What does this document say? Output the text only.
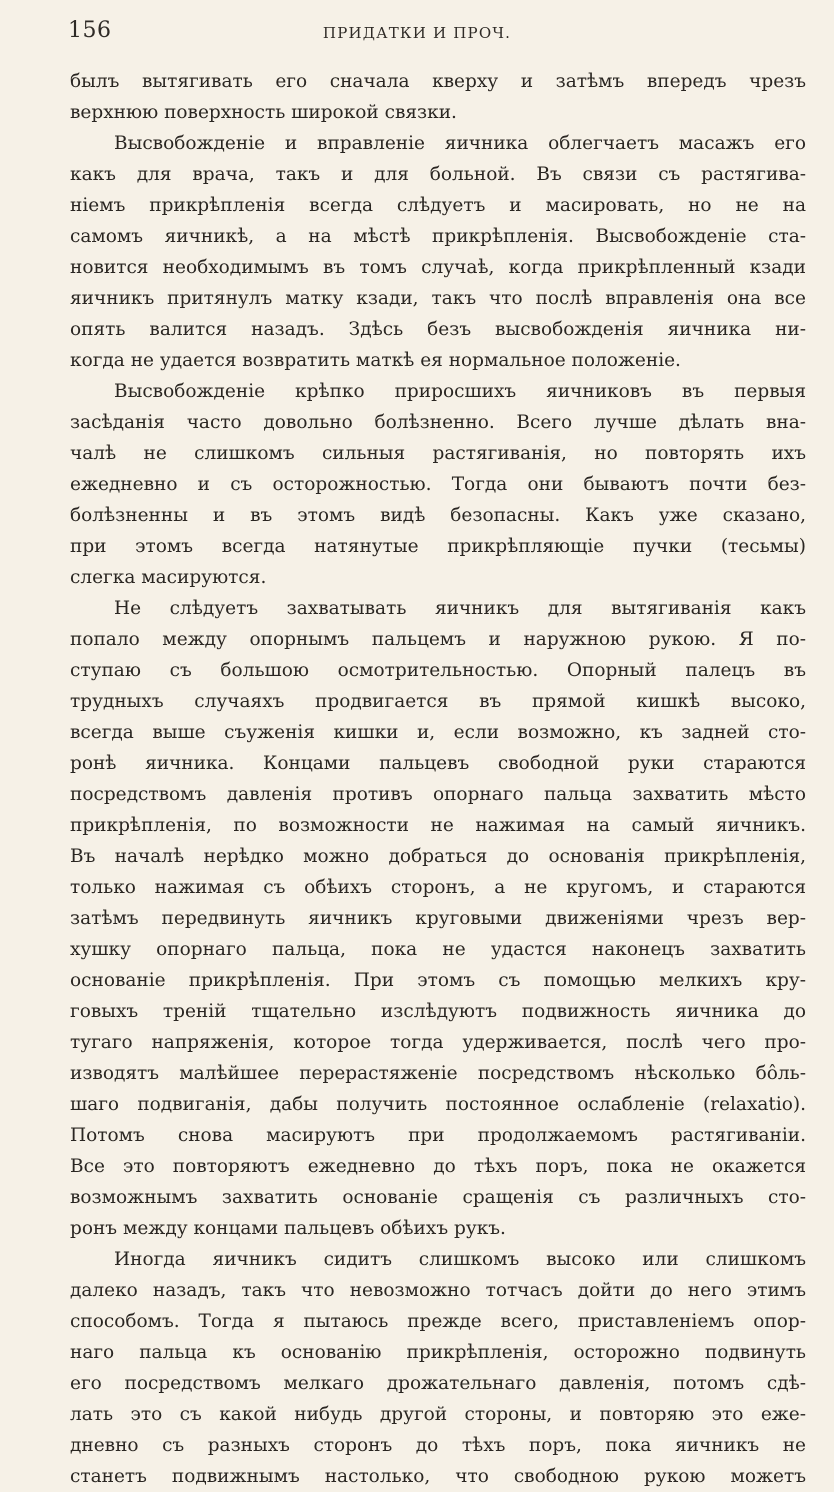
156	ПРИДАТКИ И ПРОЧ.
былъ вытягивать его сначала кверху и затѣмъ впередъ чрезъ
верхнюю поверхность широкой связки.
Высвобожденіе и вправленіе яичника облегчаетъ масажъ его
какъ для врача, такъ и для больной. Въ связи съ растягива-
ніемъ прикрѣпленія всегда слѣдуетъ и масировать, но не на
самомъ яичникѣ, а на мѣстѣ прикрѣпленія. Высвобожденіе ста-
новится необходимымъ въ томъ случаѣ, когда прикрѣпленный кзади
яичникъ притянулъ матку кзади, такъ что послѣ вправленія она все
опять валится назадъ. Здѣсь безъ высвобожденія яичника ни-
когда не удается возвратить маткѣ ея нормальное положеніе.
Высвобожденіе крѣпко приросшихъ яичниковъ въ первыя
засѣданія часто довольно болѣзненно. Всего лучше дѣлать вна-
чалѣ не слишкомъ сильныя растягиванія, но повторять ихъ
ежедневно и съ осторожностью. Тогда они бываютъ почти без-
болѣзненны и въ этомъ видѣ безопасны. Какъ уже сказано,
при этомъ всегда натянутые прикрѣпляющіе пучки (тесьмы)
слегка масируются.
Не слѣдуетъ захватывать яичникъ для вытягиванія какъ
попало между опорнымъ пальцемъ и наружною рукою. Я по-
ступаю съ большою осмотрительностью. Опорный палецъ въ
трудныхъ случаяхъ продвигается въ прямой кишкѣ высоко,
всегда выше съуженія кишки и, если возможно, къ задней сто-
ронѣ яичника. Концами пальцевъ свободной руки стараются
посредствомъ давленія противъ опорнаго пальца захватить мѣсто
прикрѣпленія, по возможности не нажимая на самый яичникъ.
Въ началѣ нерѣдко можно добраться до основанія прикрѣпленія,
только нажимая съ обѣихъ сторонъ, а не кругомъ, и стараются
затѣмъ передвинуть яичникъ круговыми движеніями чрезъ вер-
хушку опорнаго пальца, пока не удастся наконецъ захватить
основаніе прикрѣпленія. При этомъ съ помощью мелкихъ кру-
говыхъ треній тщательно изслѣдуютъ подвижность яичника до
тугаго напряженія, которое тогда удерживается, послѣ чего про-
изводятъ малѣйшее перерастяженіе посредствомъ нѣсколько бо̂ль-
шаго подвиганія, дабы получить постоянное ослабленіе (relaxatio).
Потомъ снова масируютъ при продолжаемомъ растягиваніи.
Все это повторяютъ ежедневно до тѣхъ поръ, пока не окажется
возможнымъ захватить основаніе сращенія съ различныхъ сто-
ронъ между концами пальцевъ обѣихъ рукъ.
Иногда яичникъ сидитъ слишкомъ высоко или слишкомъ
далеко назадъ, такъ что невозможно тотчасъ дойти до него этимъ
способомъ. Тогда я пытаюсь прежде всего, приставленіемъ опор-
наго пальца къ основанію прикрѣпленія, осторожно подвинуть
его посредствомъ мелкаго дрожательнаго давленія, потомъ сдѣ-
лать это съ какой нибудь другой стороны, и повторяю это еже-
дневно съ разныхъ сторонъ до тѣхъ поръ, пока яичникъ не
станетъ подвижнымъ настолько, что свободною рукою можетъ
